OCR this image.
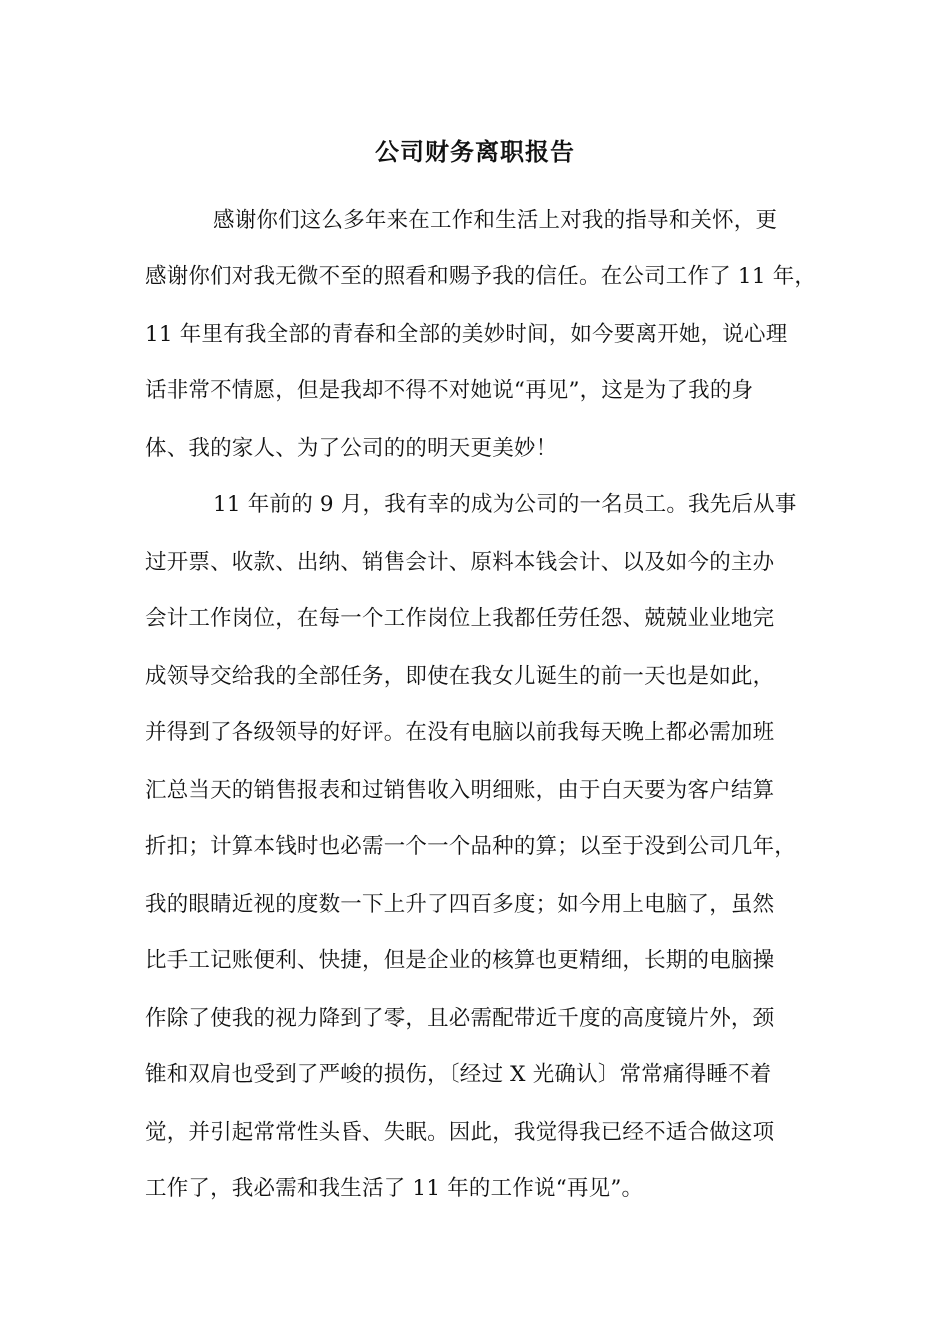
公司财务离职报告

感谢你们这么多年来在工作和生活上对我的指导和关怀，更

感谢你们对我无微不至的照看和赐予我的信任。在公司工作了 11 年，

11 年里有我全部的青春和全部的美妙时间，如今要离开她，说心理

话非常不情愿，但是我却不得不对她说“再见”，这是为了我的身

体、我的家人、为了公司的的明天更美妙！

11 年前的 9 月，我有幸的成为公司的一名员工。我先后从事

过开票、收款、出纳、销售会计、原料本钱会计、以及如今的主办

会计工作岗位，在每一个工作岗位上我都任劳任怨、兢兢业业地完

成领导交给我的全部任务，即使在我女儿诞生的前一天也是如此，

并得到了各级领导的好评。在没有电脑以前我每天晚上都必需加班

汇总当天的销售报表和过销售收入明细账，由于白天要为客户结算

折扣；计算本钱时也必需一个一个品种的算；以至于没到公司几年，

我的眼睛近视的度数一下上升了四百多度；如今用上电脑了，虽然

比手工记账便利、快捷，但是企业的核算也更精细，长期的电脑操

作除了使我的视力降到了零，且必需配带近千度的高度镜片外，颈

锥和双肩也受到了严峻的损伤，〔经过 X 光确认〕常常痛得睡不着

觉，并引起常常性头昏、失眠。因此，我觉得我已经不适合做这项

工作了，我必需和我生活了 11 年的工作说“再见”。
